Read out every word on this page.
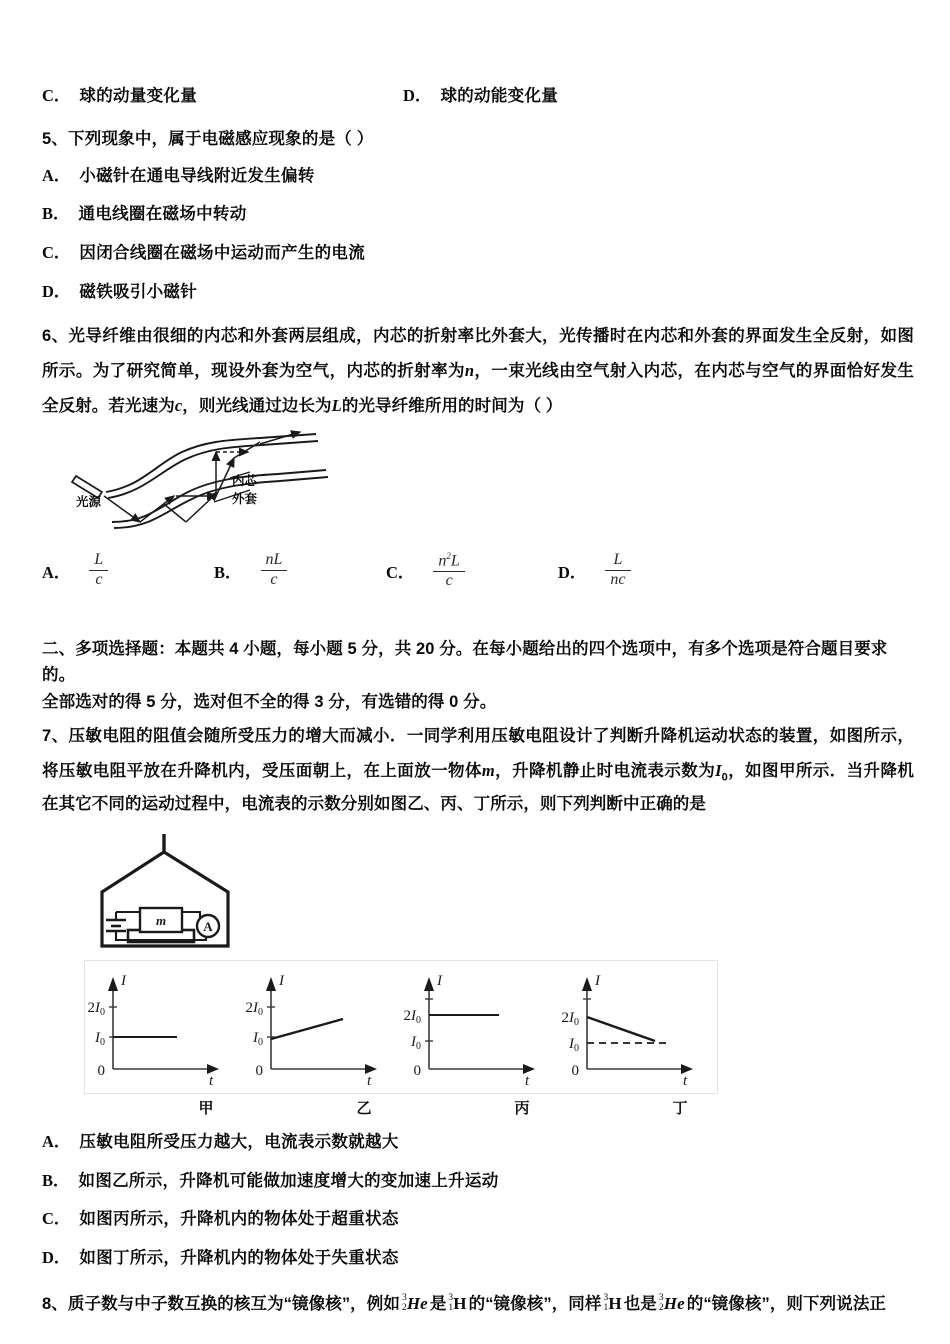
C． 球的动量变化量	D． 球的动能变化量
5、下列现象中，属于电磁感应现象的是（ ）
A． 小磁针在通电导线附近发生偏转
B． 通电线圈在磁场中转动
C． 因闭合线圈在磁场中运动而产生的电流
D． 磁铁吸引小磁针

6、光导纤维由很细的内芯和外套两层组成，内芯的折射率比外套大，光传播时在内芯和外套的界面发生全反射，如图所示。为了研究简单，现设外套为空气，内芯的折射率为n，一束光线由空气射入内芯，在内芯与空气的界面恰好发生全反射。若光速为c，则光线通过边长为L的光导纤维所用的时间为（ ）

光源
内芯
外套
A． $\frac{L}{c}$	B． $\frac{nL}{c}$	C． $\frac{n^2L}{c}$	D． $\frac{L}{nc}$
二、多项选择题：本题共 4 小题，每小题 5 分，共 20 分。在每小题给出的四个选项中，有多个选项是符合题目要求的。
全部选对的得 5 分，选对但不全的得 3 分，有选错的得 0 分。

7、压敏电阻的阻值会随所受压力的增大而减小．一同学利用压敏电阻设计了判断升降机运动状态的装置，如图所示，将压敏电阻平放在升降机内，受压面朝上，在上面放一物体m，升降机静止时电流表示数为$I_0$，如图甲所示．当升降机在其它不同的运动过程中，电流表的示数分别如图乙、丙、丁所示，则下列判断中正确的是

m	A
I
t
0
$2I_0$
$I_0$
I
t
0
$2I_0$
$I_0$
I
t
0
$2I_0$
$I_0$
I
t
0
$2I_0$
$I_0$
甲	乙	丙	丁
A． 压敏电阻所受压力越大，电流表示数就越大
B． 如图乙所示，升降机可能做加速度增大的变加速上升运动
C． 如图丙所示，升降机内的物体处于超重状态
D． 如图丁所示，升降机内的物体处于失重状态

8、质子数与中子数互换的核互为“镜像核”，例如 3
2 He 是 3
1 H 的“镜像核”，同样 3
1 H 也是 3
2 He 的“镜像核”，则下列说法正
